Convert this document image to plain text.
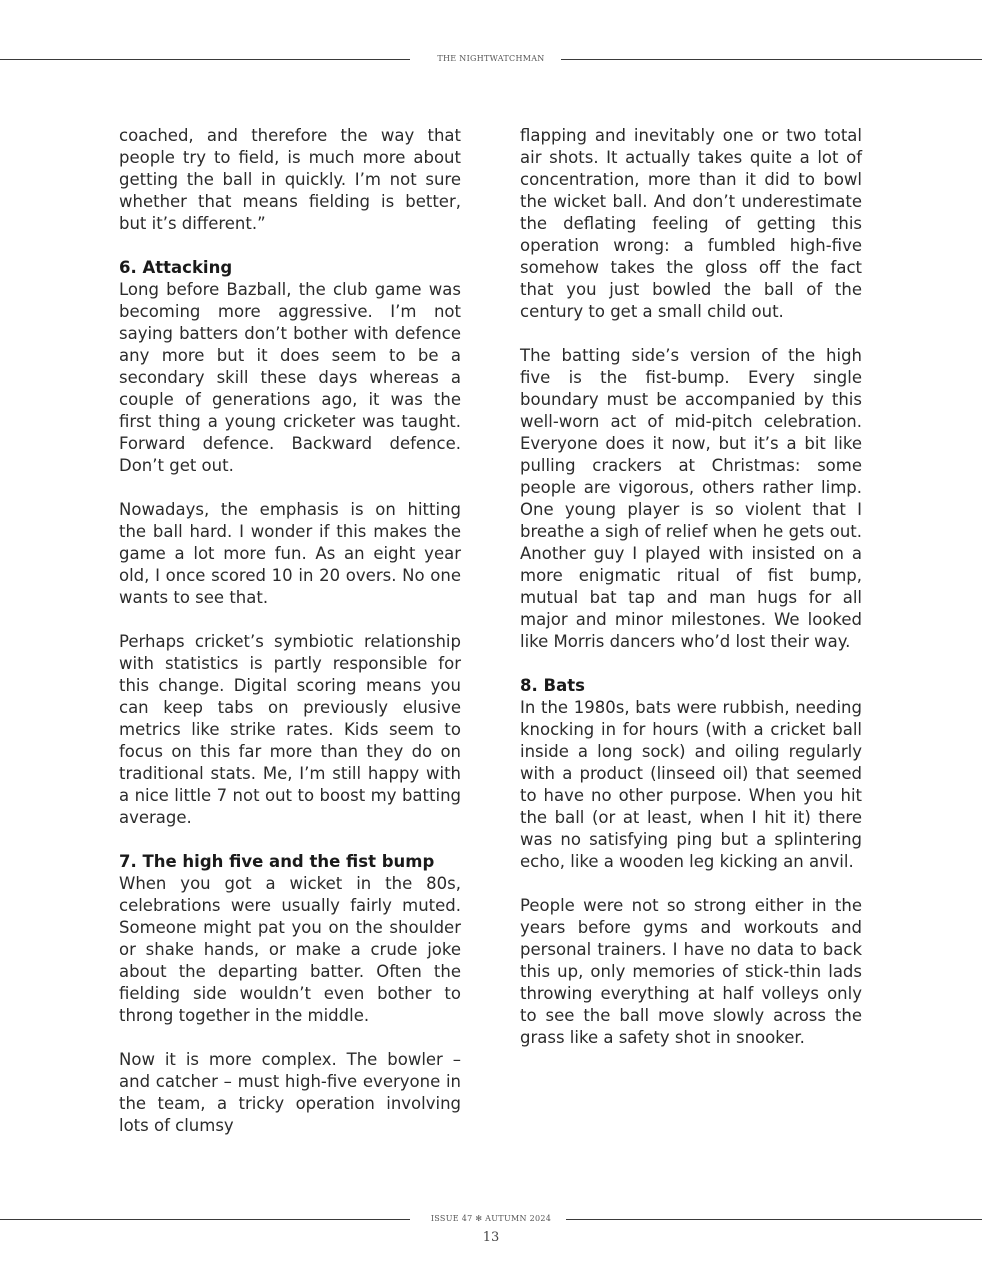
THE NIGHTWATCHMAN

coached, and therefore the way that people try to field, is much more about getting the ball in quickly. I’m not sure whether that means fielding is better, but it’s different.”

6. Attacking

Long before Bazball, the club game was becoming more aggressive. I’m not saying batters don’t bother with defence any more but it does seem to be a secondary skill these days whereas a couple of generations ago, it was the first thing a young cricketer was taught. Forward defence. Backward defence. Don’t get out.

Nowadays, the emphasis is on hitting the ball hard. I wonder if this makes the game a lot more fun. As an eight year old, I once scored 10 in 20 overs. No one wants to see that.

Perhaps cricket’s symbiotic relationship with statistics is partly responsible for this change. Digital scoring means you can keep tabs on previously elusive metrics like strike rates. Kids seem to focus on this far more than they do on traditional stats. Me, I’m still happy with a nice little 7 not out to boost my batting average.

7. The high five and the fist bump

When you got a wicket in the 80s, celebrations were usually fairly muted. Someone might pat you on the shoulder or shake hands, or make a crude joke about the departing batter. Often the fielding side wouldn’t even bother to throng together in the middle.

Now it is more complex. The bowler – and catcher – must high-five everyone in the team, a tricky operation involving lots of clumsy

flapping and inevitably one or two total air shots. It actually takes quite a lot of concentration, more than it did to bowl the wicket ball. And don’t underestimate the deflating feeling of getting this operation wrong: a fumbled high-five somehow takes the gloss off the fact that you just bowled the ball of the century to get a small child out.

The batting side’s version of the high five is the fist-bump. Every single boundary must be accompanied by this well-worn act of mid-pitch celebration. Everyone does it now, but it’s a bit like pulling crackers at Christmas: some people are vigorous, others rather limp. One young player is so violent that I breathe a sigh of relief when he gets out. Another guy I played with insisted on a more enigmatic ritual of fist bump, mutual bat tap and man hugs for all major and minor milestones. We looked like Morris dancers who’d lost their way.

8. Bats

In the 1980s, bats were rubbish, needing knocking in for hours (with a cricket ball inside a long sock) and oiling regularly with a product (linseed oil) that seemed to have no other purpose. When you hit the ball (or at least, when I hit it) there was no satisfying ping but a splintering echo, like a wooden leg kicking an anvil.

People were not so strong either in the years before gyms and workouts and personal trainers. I have no data to back this up, only memories of stick-thin lads throwing everything at half volleys only to see the ball move slowly across the grass like a safety shot in snooker.

ISSUE 47 ✻ AUTUMN 2024
13
